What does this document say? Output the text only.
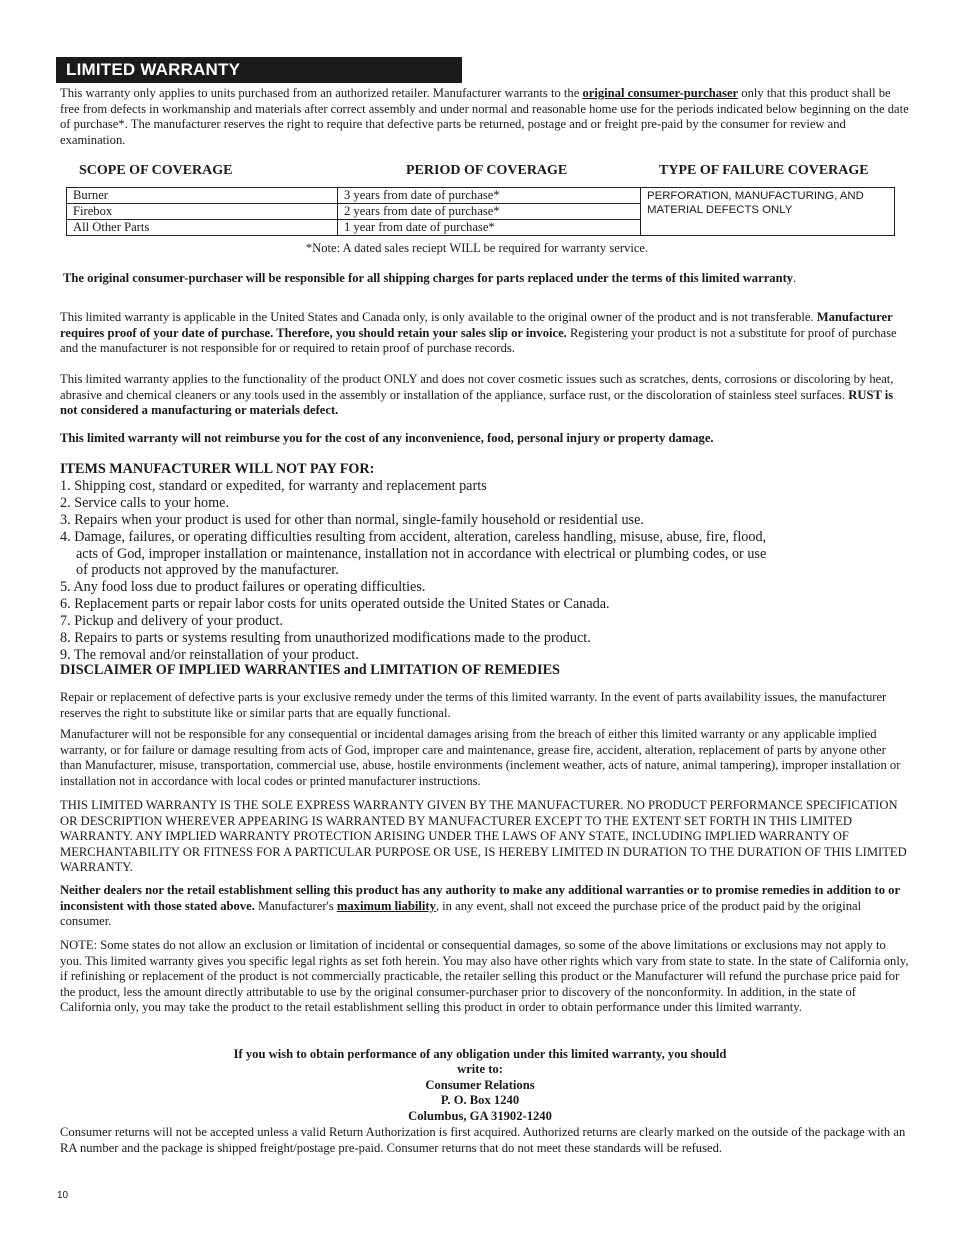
LIMITED WARRANTY

This warranty only applies to units purchased from an authorized retailer. Manufacturer warrants to the original consumer-purchaser only that this product shall be free from defects in workmanship and materials after correct assembly and under normal and reasonable home use for the periods indicated below beginning on the date of purchase*. The manufacturer reserves the right to require that defective parts be returned, postage and or freight pre-paid by the consumer for review and examination.

SCOPE OF COVERAGE	PERIOD OF COVERAGE	TYPE OF FAILURE COVERAGE
Burner	3 years from date of purchase*	PERFORATION, MANUFACTURING, AND MATERIAL DEFECTS ONLY
Firebox	2 years from date of purchase*	
All Other Parts	1 year from date of purchase*	
*Note: A dated sales reciept WILL be required for warranty service.

The original consumer-purchaser will be responsible for all shipping charges for parts replaced under the terms of this limited warranty.

This limited warranty is applicable in the United States and Canada only, is only available to the original owner of the product and is not transferable. Manufacturer requires proof of your date of purchase. Therefore, you should retain your sales slip or invoice. Registering your product is not a substitute for proof of purchase and the manufacturer is not responsible for or required to retain proof of purchase records.

This limited warranty applies to the functionality of the product ONLY and does not cover cosmetic issues such as scratches, dents, corrosions or discoloring by heat, abrasive and chemical cleaners or any tools used in the assembly or installation of the appliance, surface rust, or the discoloration of stainless steel surfaces. RUST is not considered a manufacturing or materials defect.

This limited warranty will not reimburse you for the cost of any inconvenience, food, personal injury or property damage.

ITEMS MANUFACTURER WILL NOT PAY FOR:
1. Shipping cost, standard or expedited, for warranty and replacement parts
2. Service calls to your home.
3. Repairs when your product is used for other than normal, single-family household or residential use.
4. Damage, failures, or operating difficulties resulting from accident, alteration, careless handling, misuse, abuse, fire, flood,
acts of God, improper installation or maintenance, installation not in accordance with electrical or plumbing codes, or use
of products not approved by the manufacturer.
5. Any food loss due to product failures or operating difficulties.
6. Replacement parts or repair labor costs for units operated outside the United States or Canada.
7. Pickup and delivery of your product.
8. Repairs to parts or systems resulting from unauthorized modifications made to the product.
9. The removal and/or reinstallation of your product.
DISCLAIMER OF IMPLIED WARRANTIES and LIMITATION OF REMEDIES

Repair or replacement of defective parts is your exclusive remedy under the terms of this limited warranty. In the event of parts availability issues, the manufacturer reserves the right to substitute like or similar parts that are equally functional.

Manufacturer will not be responsible for any consequential or incidental damages arising from the breach of either this limited warranty or any applicable implied warranty, or for failure or damage resulting from acts of God, improper care and maintenance, grease fire, accident, alteration, replacement of parts by anyone other than Manufacturer, misuse, transportation, commercial use, abuse, hostile environments (inclement weather, acts of nature, animal tampering), improper installation or installation not in accordance with local codes or printed manufacturer instructions.

THIS LIMITED WARRANTY IS THE SOLE EXPRESS WARRANTY GIVEN BY THE MANUFACTURER. NO PRODUCT PERFORMANCE SPECIFICATION OR DESCRIPTION WHEREVER APPEARING IS WARRANTED BY MANUFACTURER EXCEPT TO THE EXTENT SET FORTH IN THIS LIMITED WARRANTY. ANY IMPLIED WARRANTY PROTECTION ARISING UNDER THE LAWS OF ANY STATE, INCLUDING IMPLIED WARRANTY OF MERCHANTABILITY OR FITNESS FOR A PARTICULAR PURPOSE OR USE, IS HEREBY LIMITED IN DURATION TO THE DURATION OF THIS LIMITED WARRANTY.

Neither dealers nor the retail establishment selling this product has any authority to make any additional warranties or to promise remedies in addition to or inconsistent with those stated above. Manufacturer's maximum liability, in any event, shall not exceed the purchase price of the product paid by the original consumer.

NOTE: Some states do not allow an exclusion or limitation of incidental or consequential damages, so some of the above limitations or exclusions may not apply to you. This limited warranty gives you specific legal rights as set foth herein. You may also have other rights which vary from state to state. In the state of California only, if refinishing or replacement of the product is not commercially practicable, the retailer selling this product or the Manufacturer will refund the purchase price paid for the product, less the amount directly attributable to use by the original consumer-purchaser prior to discovery of the nonconformity. In addition, in the state of California only, you may take the product to the retail establishment selling this product in order to obtain performance under this limited warranty.

If you wish to obtain performance of any obligation under this limited warranty, you should
write to:
Consumer Relations
P. O. Box 1240
Columbus, GA 31902-1240

Consumer returns will not be accepted unless a valid Return Authorization is first acquired. Authorized returns are clearly marked on the outside of the package with an RA number and the package is shipped freight/postage pre-paid. Consumer returns that do not meet these standards will be refused.

10
